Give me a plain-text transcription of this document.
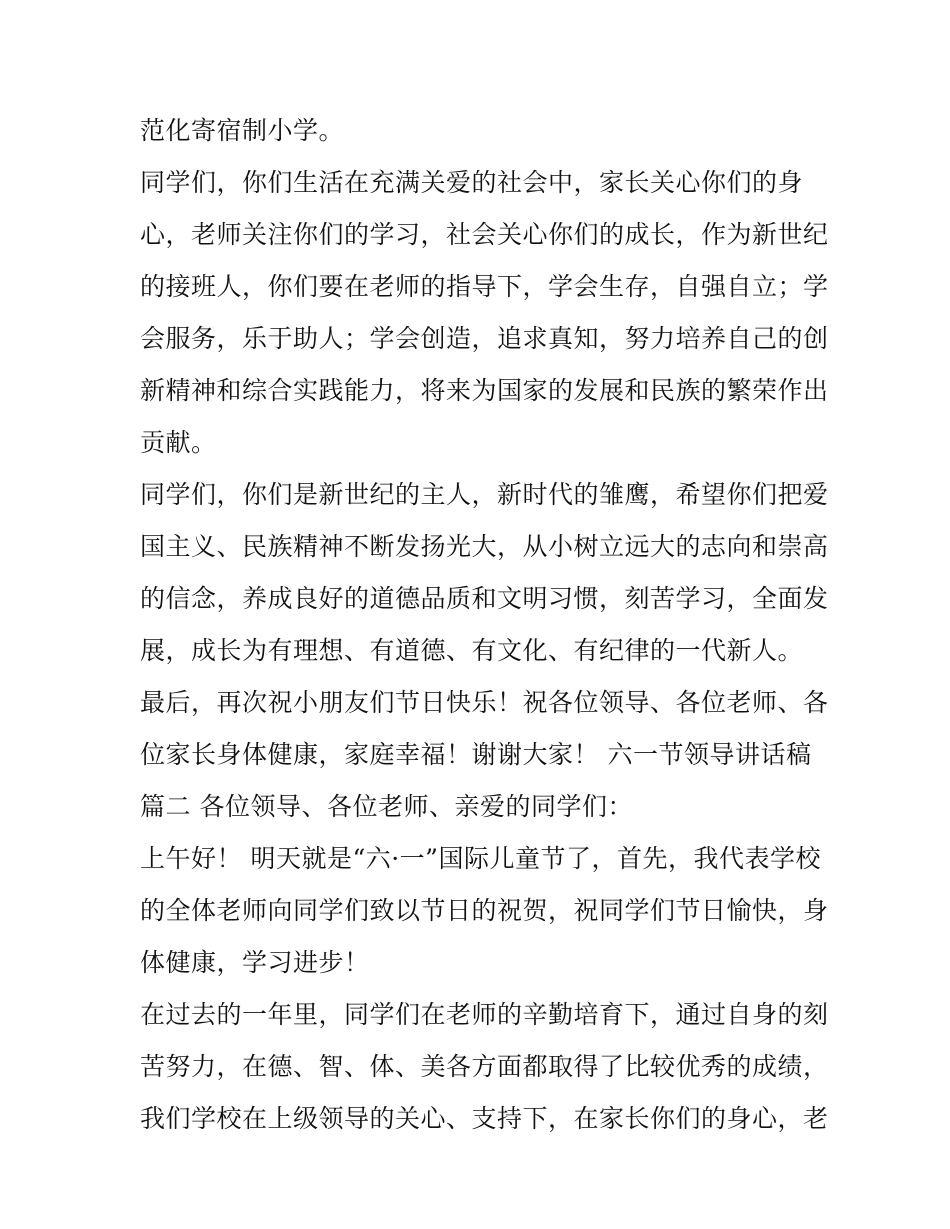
范化寄宿制小学。
同学们，你们生活在充满关爱的社会中，家长关心你们的身
心，老师关注你们的学习，社会关心你们的成长，作为新世纪
的接班人，你们要在老师的指导下，学会生存，自强自立；学
会服务，乐于助人；学会创造，追求真知，努力培养自己的创
新精神和综合实践能力，将来为国家的发展和民族的繁荣作出
贡献。
同学们，你们是新世纪的主人，新时代的雏鹰，希望你们把爱
国主义、民族精神不断发扬光大，从小树立远大的志向和崇高
的信念，养成良好的道德品质和文明习惯，刻苦学习，全面发
展，成长为有理想、有道德、有文化、有纪律的一代新人。
最后，再次祝小朋友们节日快乐！祝各位领导、各位老师、各
位家长身体健康，家庭幸福！谢谢大家！ 六一节领导讲话稿
篇二 各位领导、各位老师、亲爱的同学们：
上午好！ 明天就是“六·一”国际儿童节了，首先，我代表学校
的全体老师向同学们致以节日的祝贺，祝同学们节日愉快，身
体健康，学习进步！
在过去的一年里，同学们在老师的辛勤培育下，通过自身的刻
苦努力，在德、智、体、美各方面都取得了比较优秀的成绩，
我们学校在上级领导的关心、支持下，在家长你们的身心，老
